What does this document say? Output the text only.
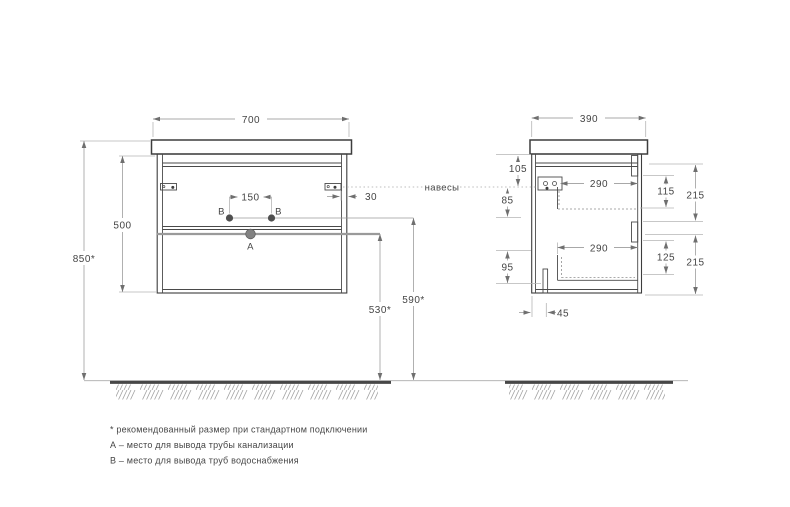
В	В
А
700
850*
500
150	30
590*
530*
навесы
390
105
85
95
290
290
115 215
125 215
45
* рекомендованный размер при стандартном подключении
А – место для вывода трубы канализации
В – место для вывода труб водоснабжения
